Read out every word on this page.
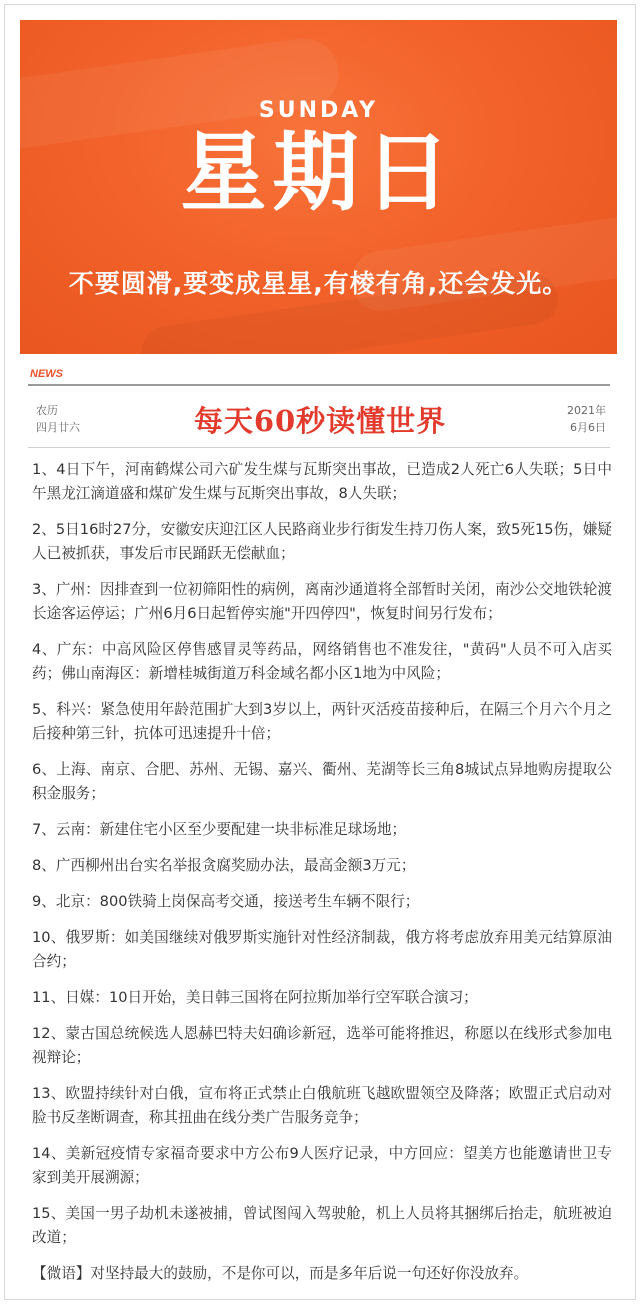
SUNDAY
星期日
不要圆滑,要变成星星,有棱有角,还会发光。
NEWS
农历
四月廿六	每天60秒读懂世界	2021年
6月6日

1、4日下午，河南鹤煤公司六矿发生煤与瓦斯突出事故，已造成2人死亡6人失联；5日中午黑龙江滴道盛和煤矿发生煤与瓦斯突出事故，8人失联；

2、5日16时27分，安徽安庆迎江区人民路商业步行街发生持刀伤人案，致5死15伤，嫌疑人已被抓获，事发后市民踊跃无偿献血；

3、广州：因排查到一位初筛阳性的病例，离南沙通道将全部暂时关闭，南沙公交地铁轮渡长途客运停运；广州6月6日起暂停实施"开四停四"，恢复时间另行发布；

4、广东：中高风险区停售感冒灵等药品，网络销售也不准发往，"黄码"人员不可入店买药；佛山南海区：新增桂城街道万科金域名都小区1地为中风险；

5、科兴：紧急使用年龄范围扩大到3岁以上，两针灭活疫苗接种后，在隔三个月六个月之后接种第三针，抗体可迅速提升十倍；

6、上海、南京、合肥、苏州、无锡、嘉兴、衢州、芜湖等长三角8城试点异地购房提取公积金服务；

7、云南：新建住宅小区至少要配建一块非标准足球场地；

8、广西柳州出台实名举报贪腐奖励办法，最高金额3万元；

9、北京：800铁骑上岗保高考交通，接送考生车辆不限行；

10、俄罗斯：如美国继续对俄罗斯实施针对性经济制裁，俄方将考虑放弃用美元结算原油合约；

11、日媒：10日开始，美日韩三国将在阿拉斯加举行空军联合演习；

12、蒙古国总统候选人恩赫巴特夫妇确诊新冠，选举可能将推迟，称愿以在线形式参加电视辩论；

13、欧盟持续针对白俄，宣布将正式禁止白俄航班飞越欧盟领空及降落；欧盟正式启动对脸书反垄断调查，称其扭曲在线分类广告服务竞争；

14、美新冠疫情专家福奇要求中方公布9人医疗记录，中方回应：望美方也能邀请世卫专家到美开展溯源；

15、美国一男子劫机未遂被捕，曾试图闯入驾驶舱，机上人员将其捆绑后抬走，航班被迫改道；

【微语】对坚持最大的鼓励，不是你可以，而是多年后说一句还好你没放弃。
